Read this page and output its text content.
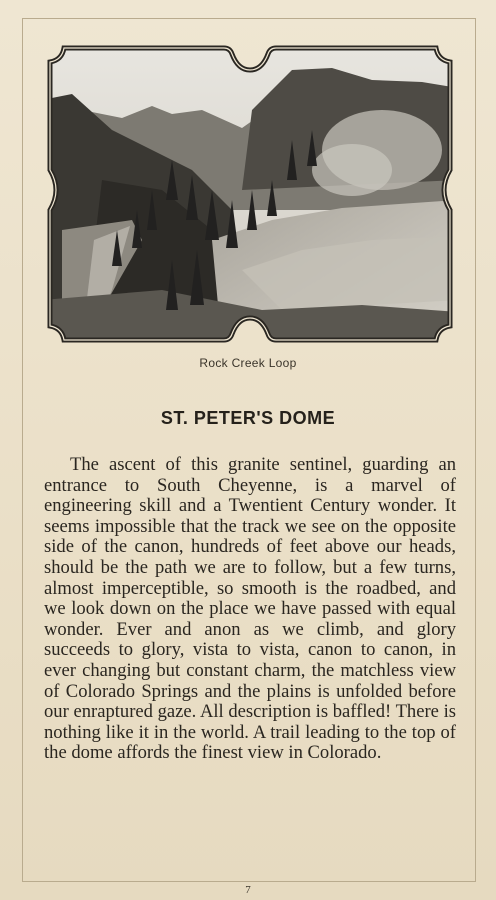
Rock Creek Loop
ST. PETER'S DOME

The ascent of this granite sentinel, guarding an entrance to South Cheyenne, is a marvel of engineering skill and a Twentient Century wonder. It seems impossible that the track we see on the opposite side of the canon, hundreds of feet above our heads, should be the path we are to follow, but a few turns, almost imperceptible, so smooth is the roadbed, and we look down on the place we have passed with equal wonder. Ever and anon as we climb, and glory succeeds to glory, vista to vista, canon to canon, in ever changing but constant charm, the matchless view of Colorado Springs and the plains is unfolded before our enraptured gaze. All description is baffled! There is nothing like it in the world. A trail leading to the top of the dome affords the finest view in Colorado.

7
